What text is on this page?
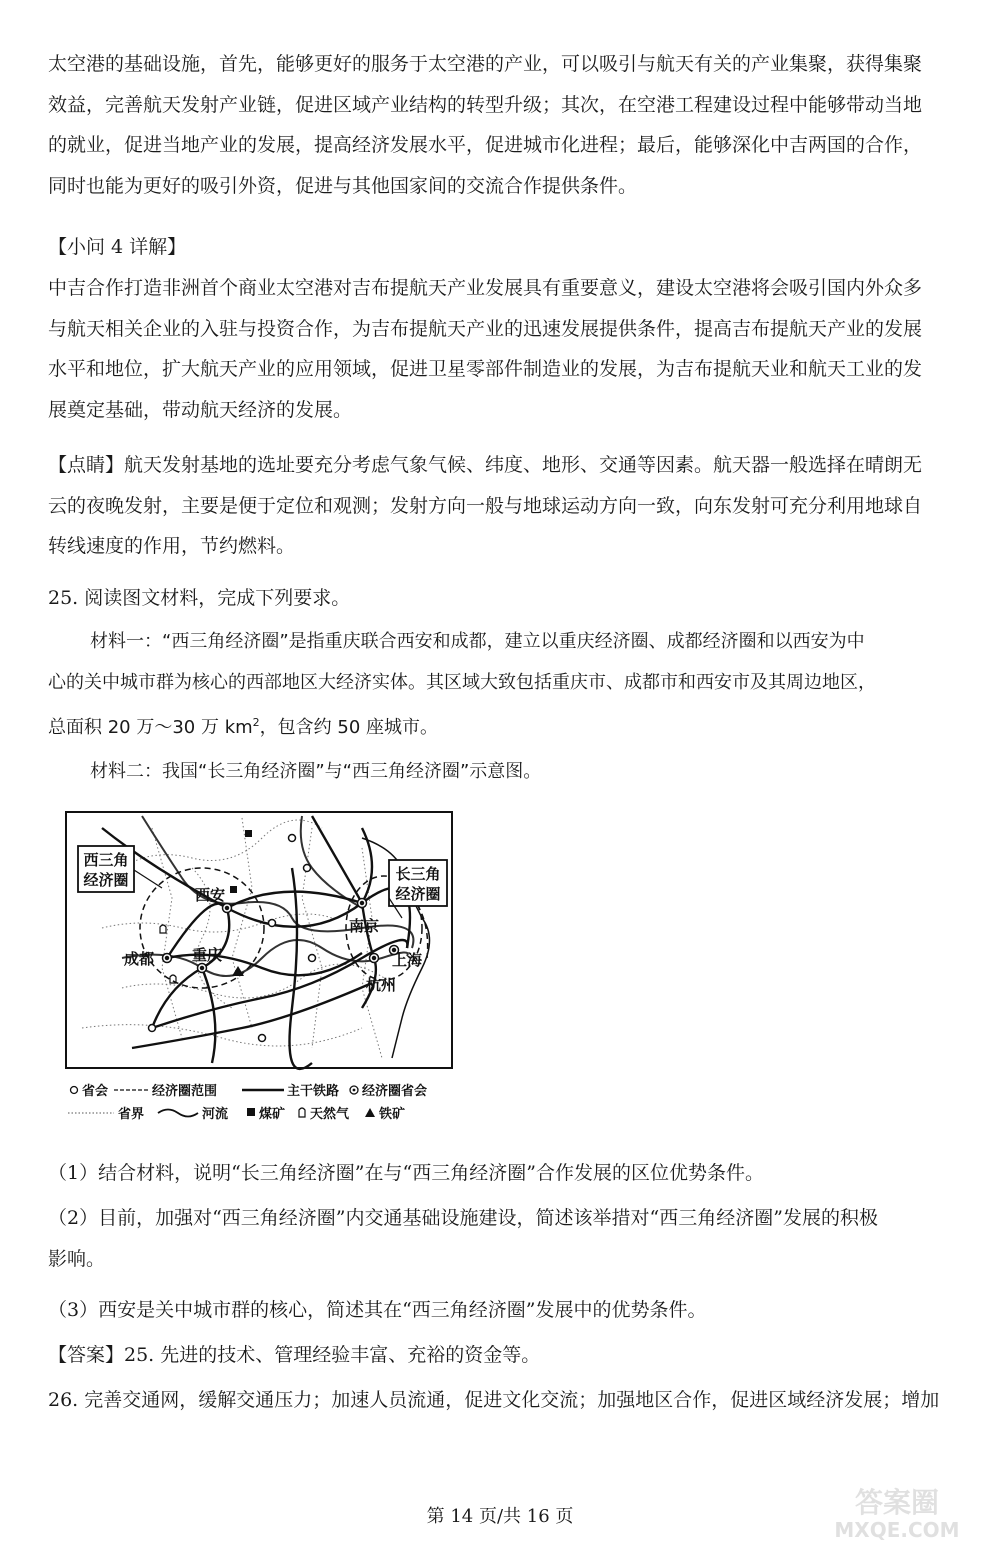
太空港的基础设施，首先，能够更好的服务于太空港的产业，可以吸引与航天有关的产业集聚，获得集聚
效益，完善航天发射产业链，促进区域产业结构的转型升级；其次，在空港工程建设过程中能够带动当地
的就业，促进当地产业的发展，提高经济发展水平，促进城市化进程；最后，能够深化中吉两国的合作，
同时也能为更好的吸引外资，促进与其他国家间的交流合作提供条件。
【小问 4 详解】
中吉合作打造非洲首个商业太空港对吉布提航天产业发展具有重要意义，建设太空港将会吸引国内外众多
与航天相关企业的入驻与投资合作，为吉布提航天产业的迅速发展提供条件，提高吉布提航天产业的发展
水平和地位，扩大航天产业的应用领域，促进卫星零部件制造业的发展，为吉布提航天业和航天工业的发
展奠定基础，带动航天经济的发展。
【点睛】航天发射基地的选址要充分考虑气象气候、纬度、地形、交通等因素。航天器一般选择在晴朗无
云的夜晚发射，主要是便于定位和观测；发射方向一般与地球运动方向一致，向东发射可充分利用地球自
转线速度的作用，节约燃料。
25. 阅读图文材料，完成下列要求。
材料一：“西三角经济圈”是指重庆联合西安和成都，建立以重庆经济圈、成都经济圈和以西安为中
心的关中城市群为核心的西部地区大经济实体。其区域大致包括重庆市、成都市和西安市及其周边地区，
总面积 20 万～30 万 $km^2$，包含约 50 座城市。
材料二：我国“长三角经济圈”与“西三角经济圈”示意图。
西三角
经济圈	长三角
经济圈
西安
成都	重庆
南京
上海
杭州
省会	经济圈范围	主干铁路 经济圈省会
省界	河流 煤矿 天然气 铁矿
（1）结合材料，说明“长三角经济圈”在与“西三角经济圈”合作发展的区位优势条件。
（2）目前，加强对“西三角经济圈”内交通基础设施建设，简述该举措对“西三角经济圈”发展的积极
影响。
（3）西安是关中城市群的核心，简述其在“西三角经济圈”发展中的优势条件。
【答案】25. 先进的技术、管理经验丰富、充裕的资金等。
26. 完善交通网，缓解交通压力；加速人员流通，促进文化交流；加强地区合作，促进区域经济发展；增加
第 14 页/共 16 页	答案圈
MXQE.COM
